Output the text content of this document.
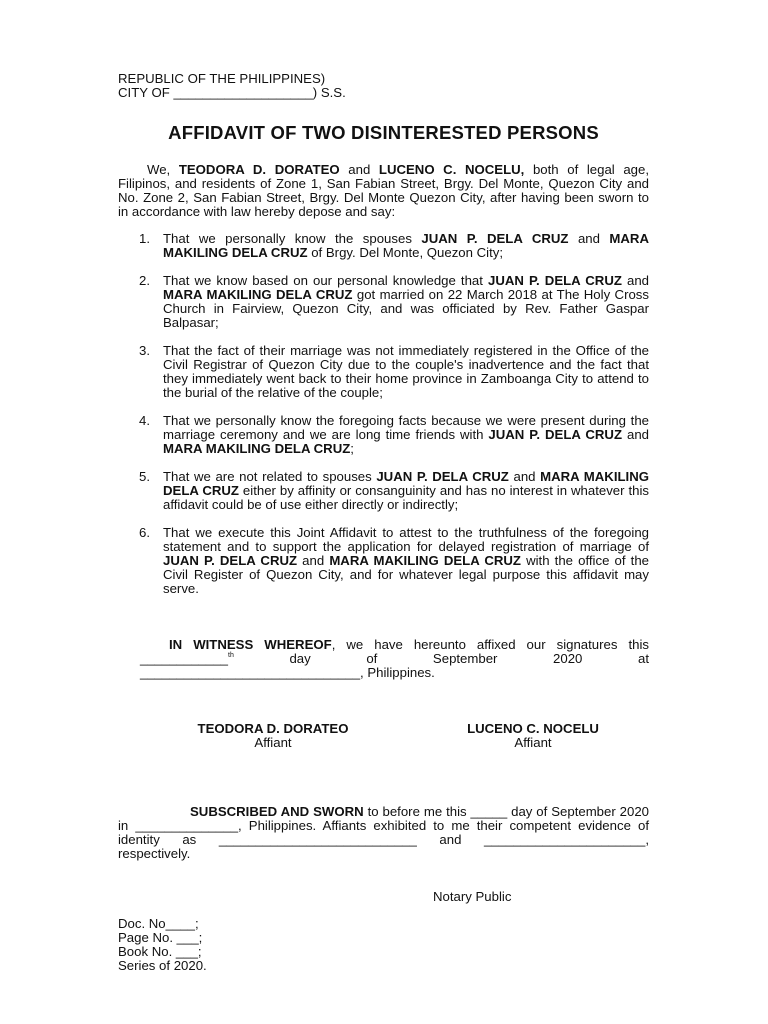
REPUBLIC OF THE PHILIPPINES)
CITY OF ___________________) S.S.
AFFIDAVIT OF TWO DISINTERESTED PERSONS
We, TEODORA D. DORATEO and LUCENO C. NOCELU, both of legal age, Filipinos, and residents of Zone 1, San Fabian Street, Brgy. Del Monte, Quezon City and No. Zone 2, San Fabian Street, Brgy. Del Monte Quezon City, after having been sworn to in accordance with law hereby depose and say:
1. That we personally know the spouses JUAN P. DELA CRUZ and MARA MAKILING DELA CRUZ of Brgy. Del Monte, Quezon City;
2. That we know based on our personal knowledge that JUAN P. DELA CRUZ and MARA MAKILING DELA CRUZ got married on 22 March 2018 at The Holy Cross Church in Fairview, Quezon City, and was officiated by Rev. Father Gaspar Balpasar;
3. That the fact of their marriage was not immediately registered in the Office of the Civil Registrar of Quezon City due to the couple's inadvertence and the fact that they immediately went back to their home province in Zamboanga City to attend to the burial of the relative of the couple;
4. That we personally know the foregoing facts because we were present during the marriage ceremony and we are long time friends with JUAN P. DELA CRUZ and MARA MAKILING DELA CRUZ;
5. That we are not related to spouses JUAN P. DELA CRUZ and MARA MAKILING DELA CRUZ either by affinity or consanguinity and has no interest in whatever this affidavit could be of use either directly or indirectly;
6. That we execute this Joint Affidavit to attest to the truthfulness of the foregoing statement and to support the application for delayed registration of marriage of JUAN P. DELA CRUZ and MARA MAKILING DELA CRUZ with the office of the Civil Register of Quezon City, and for whatever legal purpose this affidavit may serve.
IN WITNESS WHEREOF, we have hereunto affixed our signatures this
____________$^{th}$ day of September 2020 at
______________________________, Philippines.
TEODORA D. DORATEO
Affiant
LUCENO C. NOCELU
Affiant
SUBSCRIBED AND SWORN to before me this _____ day of September 2020 in ______________, Philippines. Affiants exhibited to me their competent evidence of identity as ___________________________ and ______________________, respectively.
Notary Public
Doc. No____;
Page No. ___;
Book No. ___;
Series of 2020.
